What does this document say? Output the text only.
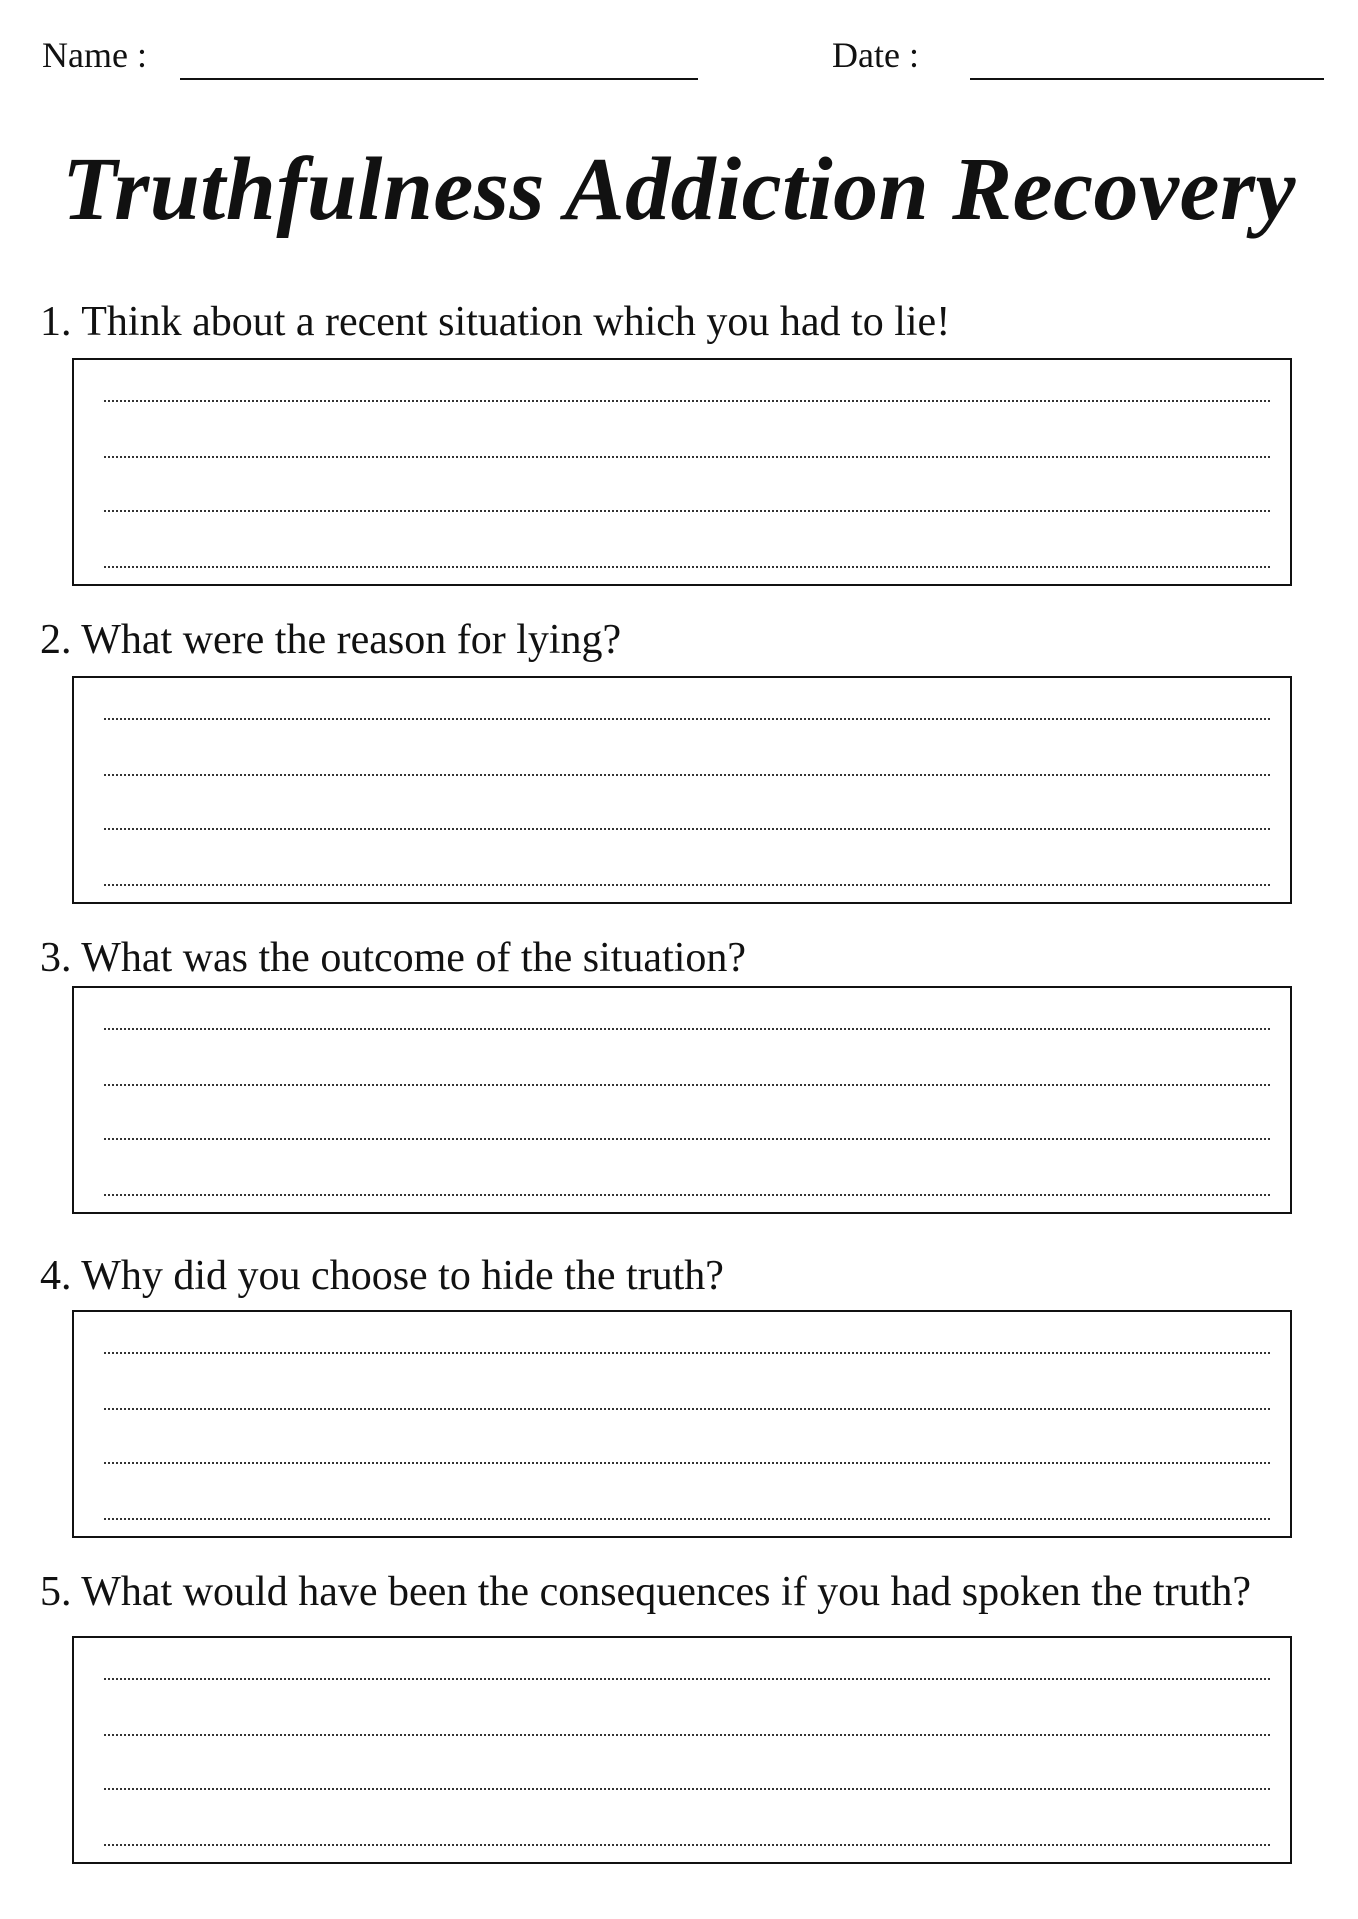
Name :	Date :
Truthfulness Addiction Recovery
1. Think about a recent situation which you had to lie!
2. What were the reason for lying?
3. What was the outcome of the situation?
4. Why did you choose to hide the truth?
5. What would have been the consequences if you had spoken the truth?
